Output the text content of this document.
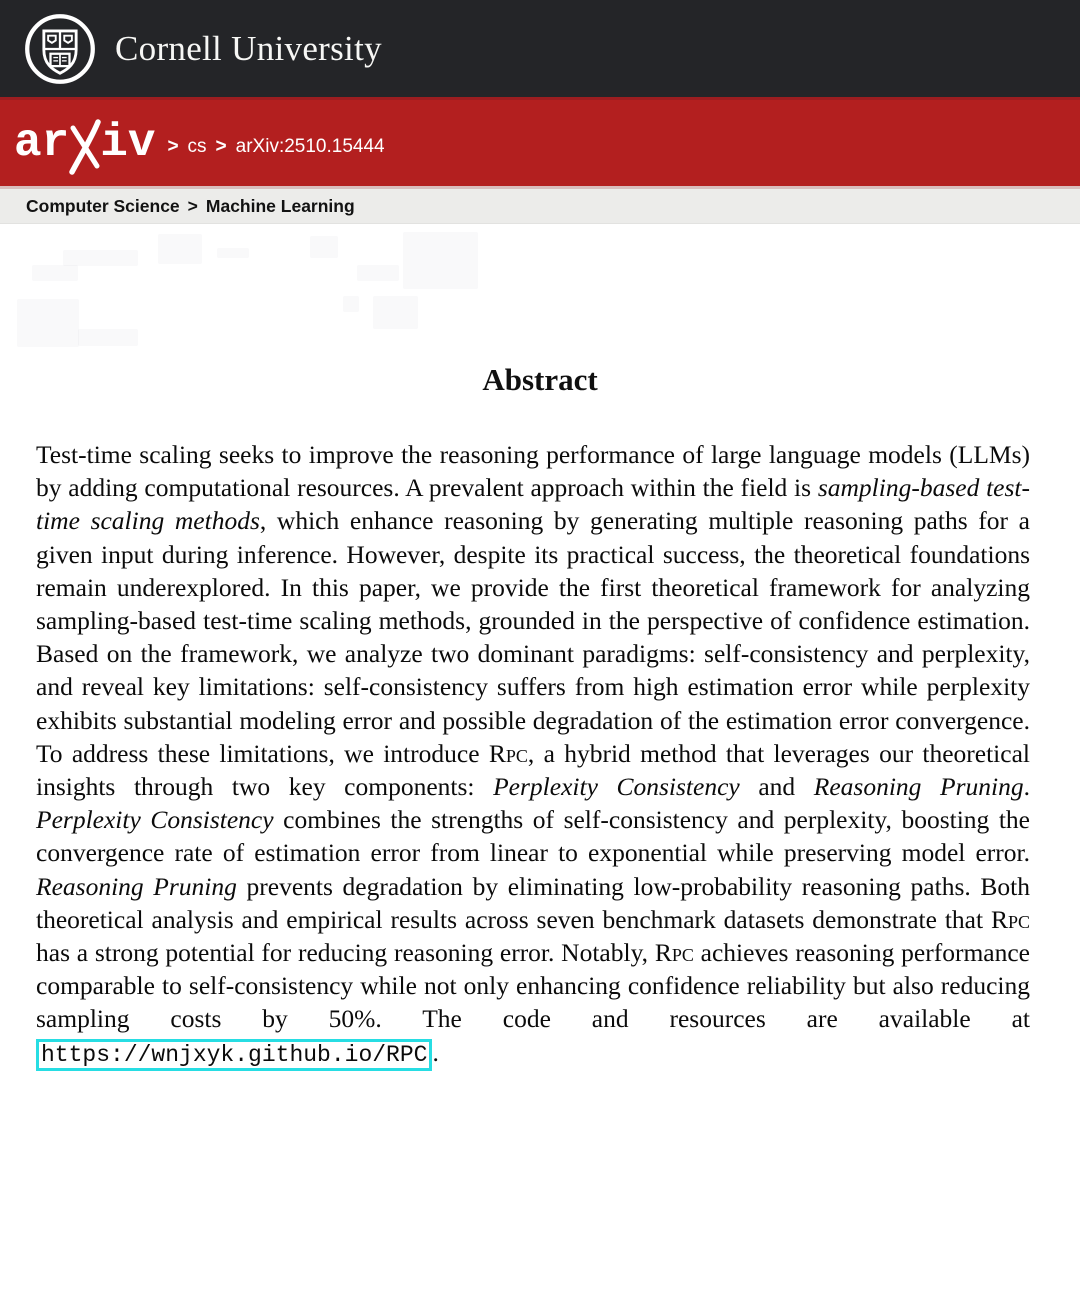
Cornell University
ar iv > cs > arXiv:2510.15444
Computer Science > Machine Learning
Abstract

Test-time scaling seeks to improve the reasoning performance of large language models (LLMs) by adding computational resources. A prevalent approach within the field is sampling-based test-time scaling methods, which enhance reasoning by generating multiple reasoning paths for a given input during inference. However, despite its practical success, the theoretical foundations remain underexplored. In this paper, we provide the first theoretical framework for analyzing sampling-based test-time scaling methods, grounded in the perspective of confidence estimation. Based on the framework, we analyze two dominant paradigms: self-consistency and perplexity, and reveal key limitations: self-consistency suffers from high estimation error while perplexity exhibits substantial modeling error and possible degradation of the estimation error convergence. To address these limitations, we introduce Rpc, a hybrid method that leverages our theoretical insights through two key components: Perplexity Consistency and Reasoning Pruning. Perplexity Consistency combines the strengths of self-consistency and perplexity, boosting the convergence rate of estimation error from linear to exponential while preserving model error. Reasoning Pruning prevents degradation by eliminating low-probability reasoning paths. Both theoretical analysis and empirical results across seven benchmark datasets demonstrate that Rpc has a strong potential for reducing reasoning error. Notably, Rpc achieves reasoning performance comparable to self-consistency while not only enhancing confidence reliability but also reducing sampling costs by 50%. The code and resources are available at https://wnjxyk.github.io/RPC .
